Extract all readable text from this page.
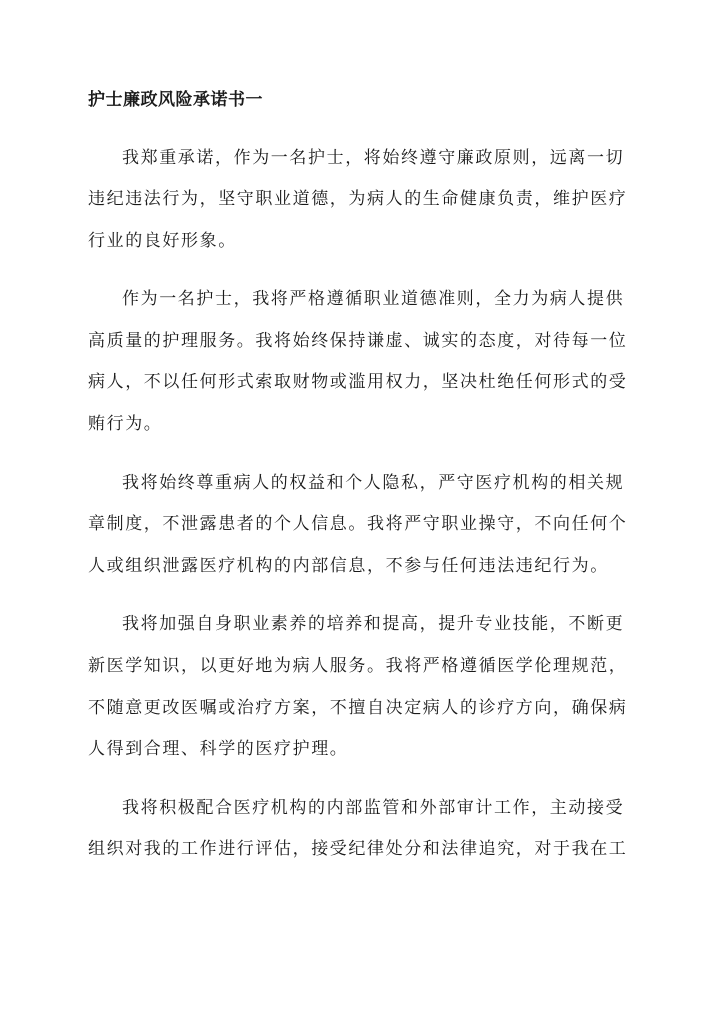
护士廉政风险承诺书一
我郑重承诺，作为一名护士，将始终遵守廉政原则，远离一切
违纪违法行为，坚守职业道德，为病人的生命健康负责，维护医疗
行业的良好形象。
作为一名护士，我将严格遵循职业道德准则，全力为病人提供
高质量的护理服务。我将始终保持谦虚、诚实的态度，对待每一位
病人，不以任何形式索取财物或滥用权力，坚决杜绝任何形式的受
贿行为。
我将始终尊重病人的权益和个人隐私，严守医疗机构的相关规
章制度，不泄露患者的个人信息。我将严守职业操守，不向任何个
人或组织泄露医疗机构的内部信息，不参与任何违法违纪行为。
我将加强自身职业素养的培养和提高，提升专业技能，不断更
新医学知识，以更好地为病人服务。我将严格遵循医学伦理规范，
不随意更改医嘱或治疗方案，不擅自决定病人的诊疗方向，确保病
人得到合理、科学的医疗护理。
我将积极配合医疗机构的内部监管和外部审计工作，主动接受
组织对我的工作进行评估，接受纪律处分和法律追究，对于我在工
